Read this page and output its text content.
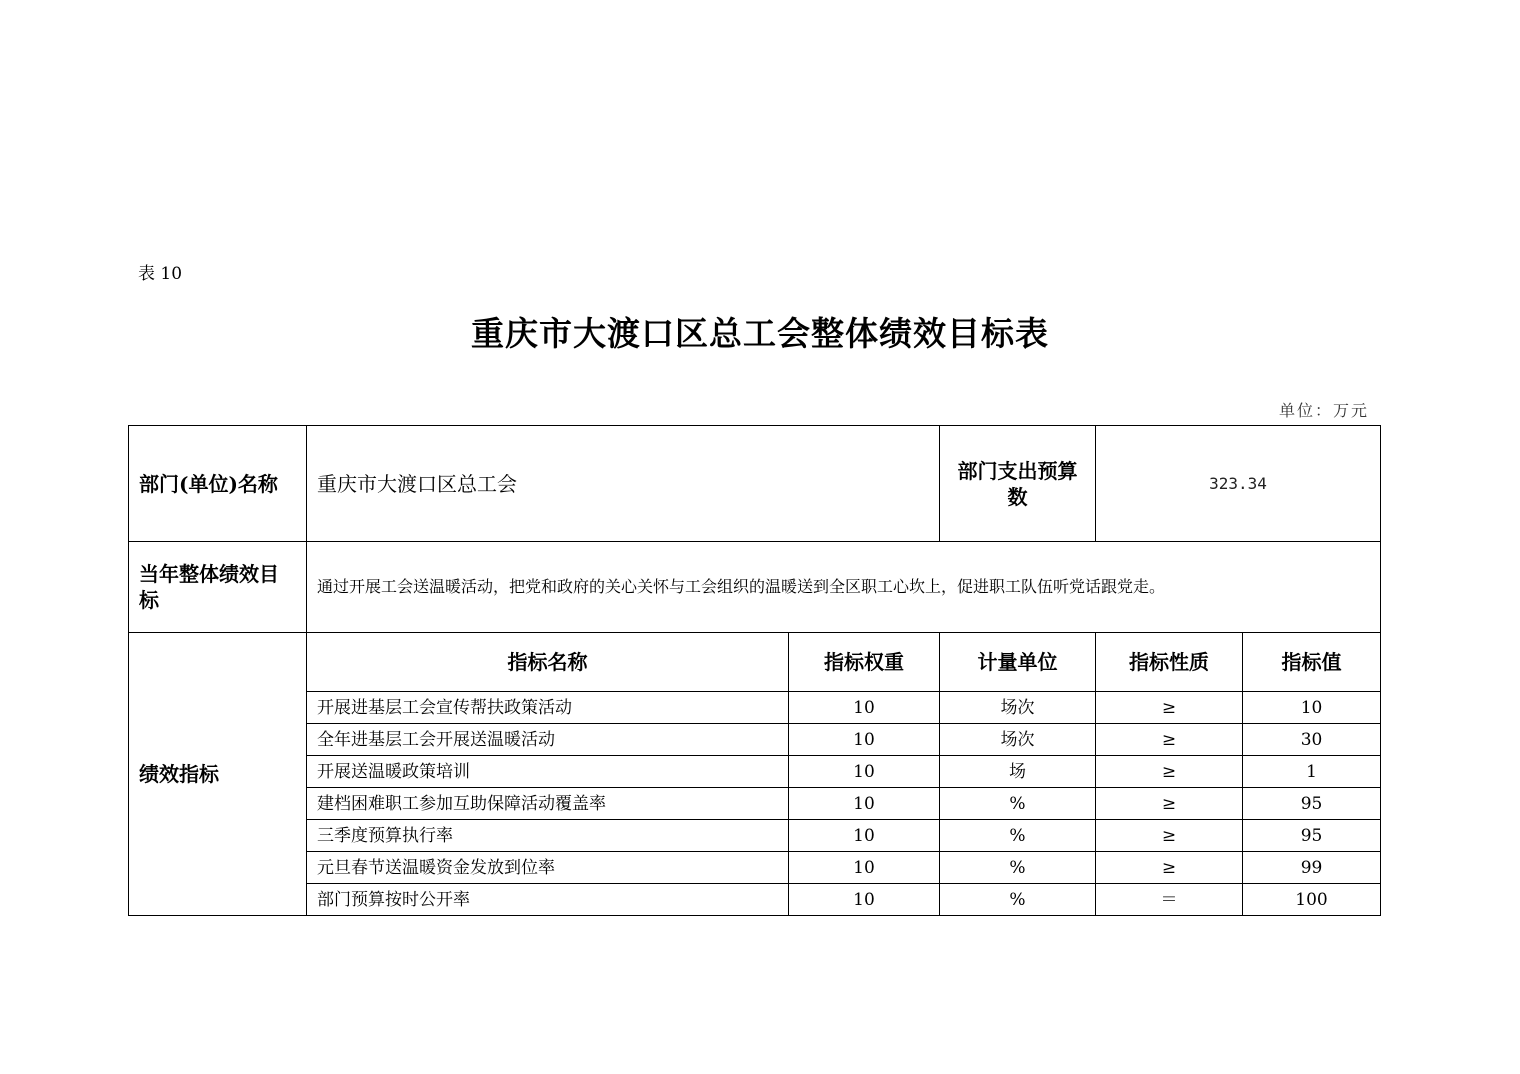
表 10
重庆市大渡口区总工会整体绩效目标表
单位：万元
部门(单位)名称	重庆市大渡口区总工会		部门支出预算数	323.34	
当年整体绩效目标	通过开展工会送温暖活动，把党和政府的关心关怀与工会组织的温暖送到全区职工心坎上，促进职工队伍听党话跟党走。				
绩效指标	指标名称	指标权重	计量单位	指标性质	指标值
	开展进基层工会宣传帮扶政策活动	10	场次	≥	10
	全年进基层工会开展送温暖活动	10	场次	≥	30
	开展送温暖政策培训	10	场	≥	1
	建档困难职工参加互助保障活动覆盖率	10	%	≥	95
	三季度预算执行率	10	%	≥	95
	元旦春节送温暖资金发放到位率	10	%	≥	99
	部门预算按时公开率	10	%	＝	100
